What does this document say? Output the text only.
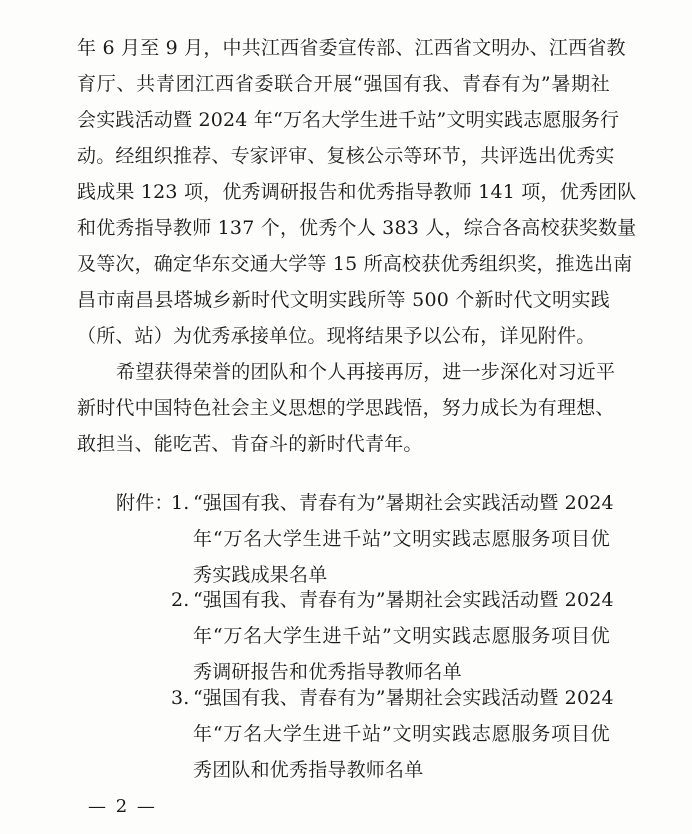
年 6 月至 9 月，中共江西省委宣传部、江西省文明办、江西省教
育厅、共青团江西省委联合开展“强国有我、青春有为”暑期社
会实践活动暨 2024 年“万名大学生进千站”文明实践志愿服务行
动。经组织推荐、专家评审、复核公示等环节，共评选出优秀实
践成果 123 项，优秀调研报告和优秀指导教师 141 项，优秀团队
和优秀指导教师 137 个，优秀个人 383 人，综合各高校获奖数量
及等次，确定华东交通大学等 15 所高校获优秀组织奖，推选出南
昌市南昌县塔城乡新时代文明实践所等 500 个新时代文明实践
（所、站）为优秀承接单位。现将结果予以公布，详见附件。
希望获得荣誉的团队和个人再接再厉，进一步深化对习近平
新时代中国特色社会主义思想的学思践悟，努力成长为有理想、
敢担当、能吃苦、肯奋斗的新时代青年。
附件：
1. “强国有我、青春有为”暑期社会实践活动暨 2024
年“万名大学生进千站”文明实践志愿服务项目优
秀实践成果名单
2. “强国有我、青春有为”暑期社会实践活动暨 2024
年“万名大学生进千站”文明实践志愿服务项目优
秀调研报告和优秀指导教师名单
3. “强国有我、青春有为”暑期社会实践活动暨 2024
年“万名大学生进千站”文明实践志愿服务项目优
秀团队和优秀指导教师名单
— 2 —
